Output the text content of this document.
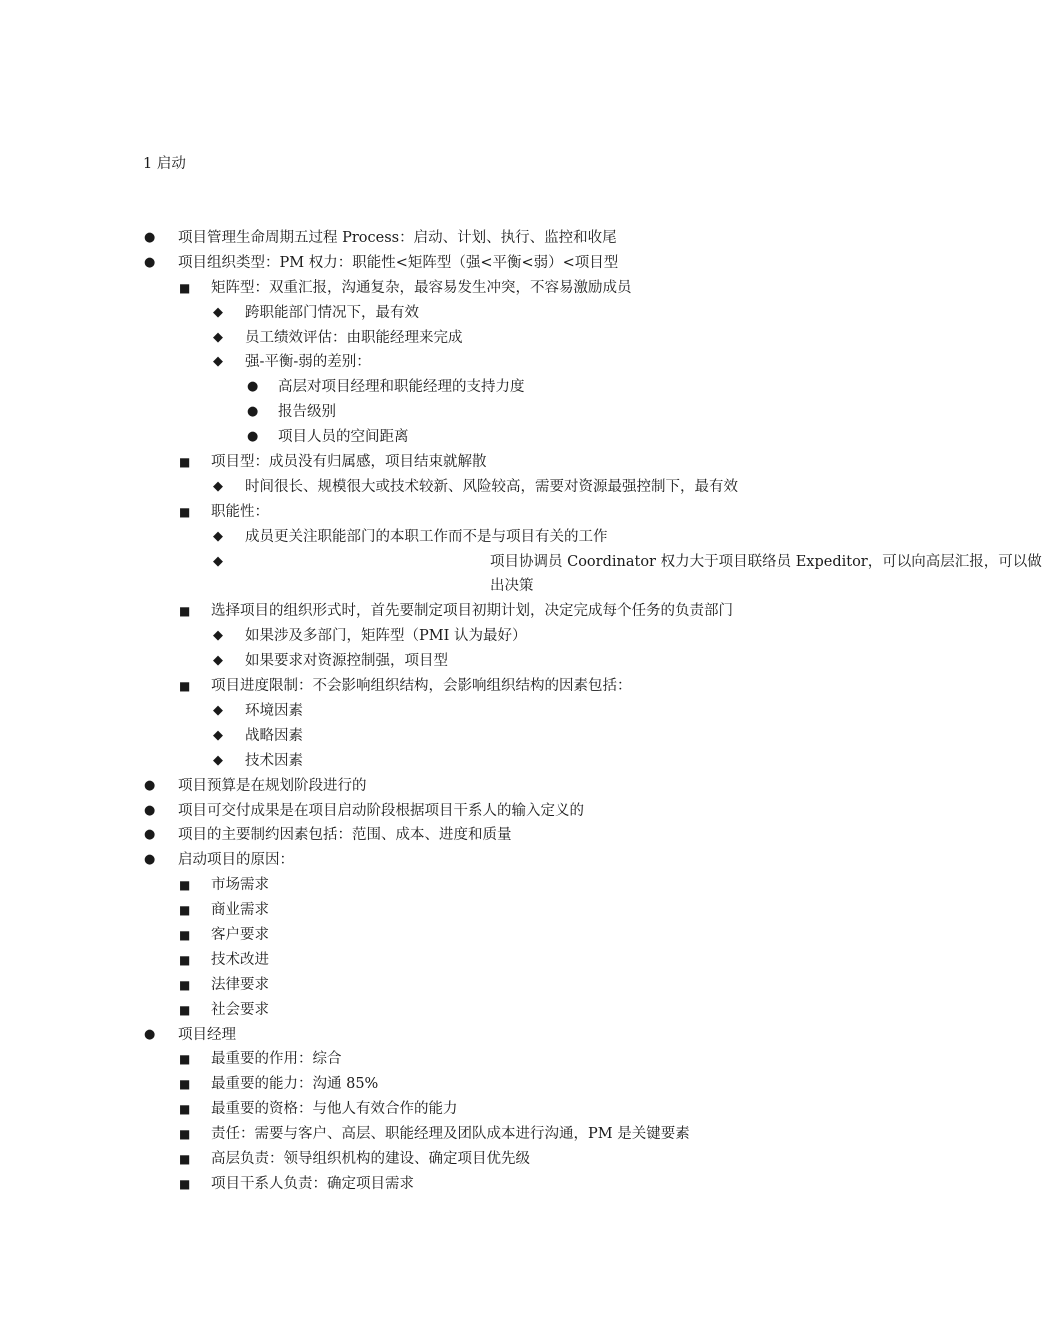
1 启动
● 项目管理生命周期五过程 Process：启动、计划、执行、监控和收尾
● 项目组织类型：PM 权力：职能性<矩阵型（强<平衡<弱）<项目型
■ 矩阵型：双重汇报，沟通复杂，最容易发生冲突，不容易激励成员
◆ 跨职能部门情况下，最有效
◆ 员工绩效评估：由职能经理来完成
◆ 强-平衡-弱的差别：
● 高层对项目经理和职能经理的支持力度
● 报告级别
● 项目人员的空间距离
■ 项目型：成员没有归属感，项目结束就解散
◆ 时间很长、规模很大或技术较新、风险较高，需要对资源最强控制下，最有效
■ 职能性：
◆ 成员更关注职能部门的本职工作而不是与项目有关的工作
◆	项目协调员 Coordinator 权力大于项目联络员 Expeditor，可以向高层汇报，可以做出决策
■ 选择项目的组织形式时，首先要制定项目初期计划，决定完成每个任务的负责部门
◆ 如果涉及多部门，矩阵型（PMI 认为最好）
◆ 如果要求对资源控制强，项目型
■ 项目进度限制：不会影响组织结构，会影响组织结构的因素包括：
◆ 环境因素
◆ 战略因素
◆ 技术因素
● 项目预算是在规划阶段进行的
● 项目可交付成果是在项目启动阶段根据项目干系人的输入定义的
● 项目的主要制约因素包括：范围、成本、进度和质量
● 启动项目的原因：
■ 市场需求
■ 商业需求
■ 客户要求
■ 技术改进
■ 法律要求
■ 社会要求
● 项目经理
■ 最重要的作用：综合
■ 最重要的能力：沟通 85%
■ 最重要的资格：与他人有效合作的能力
■ 责任：需要与客户、高层、职能经理及团队成本进行沟通，PM 是关键要素
■ 高层负责：领导组织机构的建设、确定项目优先级
■ 项目干系人负责：确定项目需求
